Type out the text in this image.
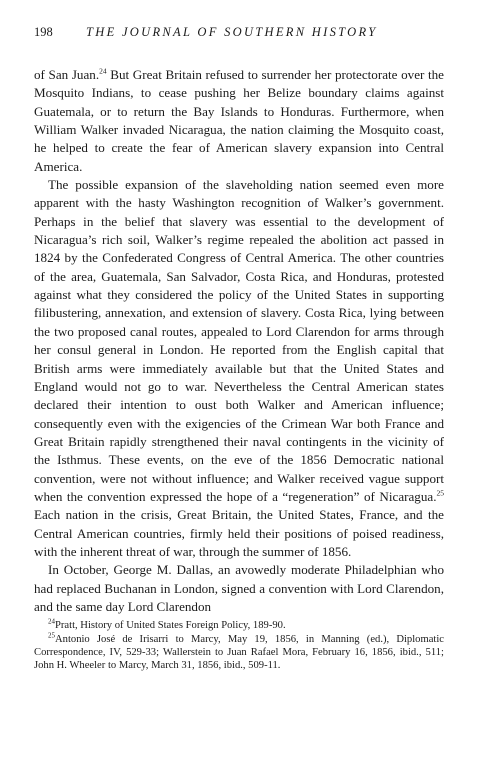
198	THE JOURNAL OF SOUTHERN HISTORY

of San Juan.$^{24}$ But Great Britain refused to surrender her protectorate over the Mosquito Indians, to cease pushing her Belize boundary claims against Guatemala, or to return the Bay Islands to Honduras. Furthermore, when William Walker invaded Nicaragua, the nation claiming the Mosquito coast, he helped to create the fear of American slavery expansion into Central America.

The possible expansion of the slaveholding nation seemed even more apparent with the hasty Washington recognition of Walker’s government. Perhaps in the belief that slavery was essential to the development of Nicaragua’s rich soil, Walker’s regime repealed the abolition act passed in 1824 by the Confederated Congress of Central America. The other countries of the area, Guatemala, San Salvador, Costa Rica, and Honduras, protested against what they considered the policy of the United States in supporting filibustering, annexation, and extension of slavery. Costa Rica, lying between the two proposed canal routes, appealed to Lord Clarendon for arms through her consul general in London. He reported from the English capital that British arms were immediately available but that the United States and England would not go to war. Nevertheless the Central American states declared their intention to oust both Walker and American influence; consequently even with the exigencies of the Crimean War both France and Great Britain rapidly strengthened their naval contingents in the vicinity of the Isthmus. These events, on the eve of the 1856 Democratic national convention, were not without influence; and Walker received vague support when the convention expressed the hope of a “regeneration” of Nicaragua.$^{25}$ Each nation in the crisis, Great Britain, the United States, France, and the Central American countries, firmly held their positions of poised readiness, with the inherent threat of war, through the summer of 1856.

In October, George M. Dallas, an avowedly moderate Philadelphian who had replaced Buchanan in London, signed a convention with Lord Clarendon, and the same day Lord Clarendon

$^{24}$Pratt, History of United States Foreign Policy, 189-90.

$^{25}$Antonio José de Irisarri to Marcy, May 19, 1856, in Manning (ed.), Diplomatic Correspondence, IV, 529-33; Wallerstein to Juan Rafael Mora, February 16, 1856, ibid., 511; John H. Wheeler to Marcy, March 31, 1856, ibid., 509-11.
